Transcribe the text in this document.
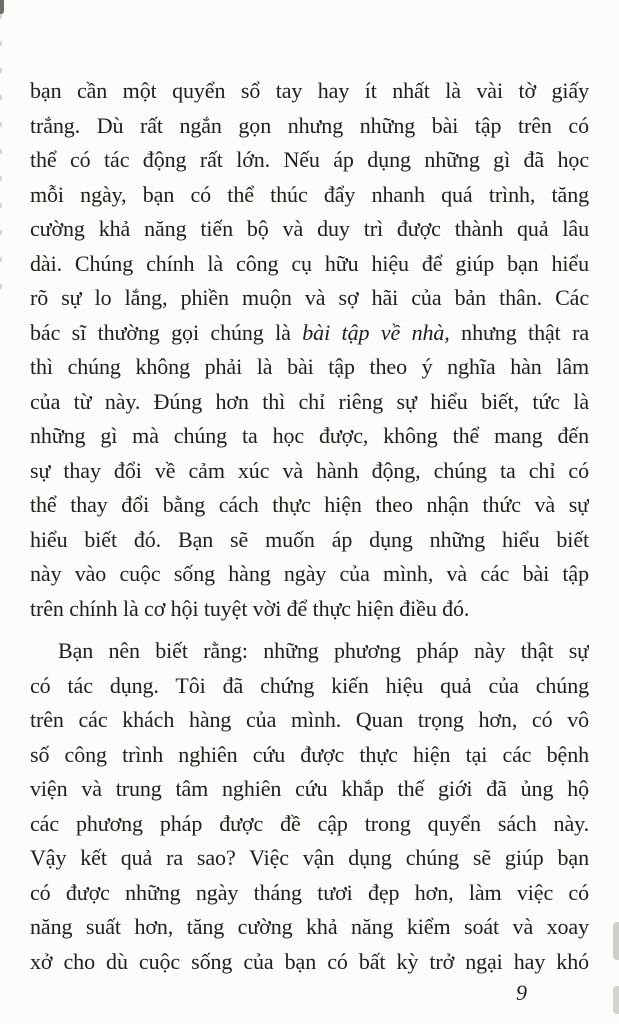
bạn cần một quyển sổ tay hay ít nhất là vài tờ giấy
trắng. Dù rất ngắn gọn nhưng những bài tập trên có
thể có tác động rất lớn. Nếu áp dụng những gì đã học
mỗi ngày, bạn có thể thúc đẩy nhanh quá trình, tăng
cường khả năng tiến bộ và duy trì được thành quả lâu
dài. Chúng chính là công cụ hữu hiệu để giúp bạn hiểu
rõ sự lo lắng, phiền muộn và sợ hãi của bản thân. Các
bác sĩ thường gọi chúng là bài tập về nhà, nhưng thật ra
thì chúng không phải là bài tập theo ý nghĩa hàn lâm
của từ này. Đúng hơn thì chỉ riêng sự hiểu biết, tức là
những gì mà chúng ta học được, không thể mang đến
sự thay đổi về cảm xúc và hành động, chúng ta chỉ có
thể thay đổi bằng cách thực hiện theo nhận thức và sự
hiểu biết đó. Bạn sẽ muốn áp dụng những hiểu biết
này vào cuộc sống hàng ngày của mình, và các bài tập
trên chính là cơ hội tuyệt vời để thực hiện điều đó.
Bạn nên biết rằng: những phương pháp này thật sự
có tác dụng. Tôi đã chứng kiến hiệu quả của chúng
trên các khách hàng của mình. Quan trọng hơn, có vô
số công trình nghiên cứu được thực hiện tại các bệnh
viện và trung tâm nghiên cứu khắp thế giới đã ủng hộ
các phương pháp được đề cập trong quyển sách này.
Vậy kết quả ra sao? Việc vận dụng chúng sẽ giúp bạn
có được những ngày tháng tươi đẹp hơn, làm việc có
năng suất hơn, tăng cường khả năng kiểm soát và xoay
xở cho dù cuộc sống của bạn có bất kỳ trở ngại hay khó
9
